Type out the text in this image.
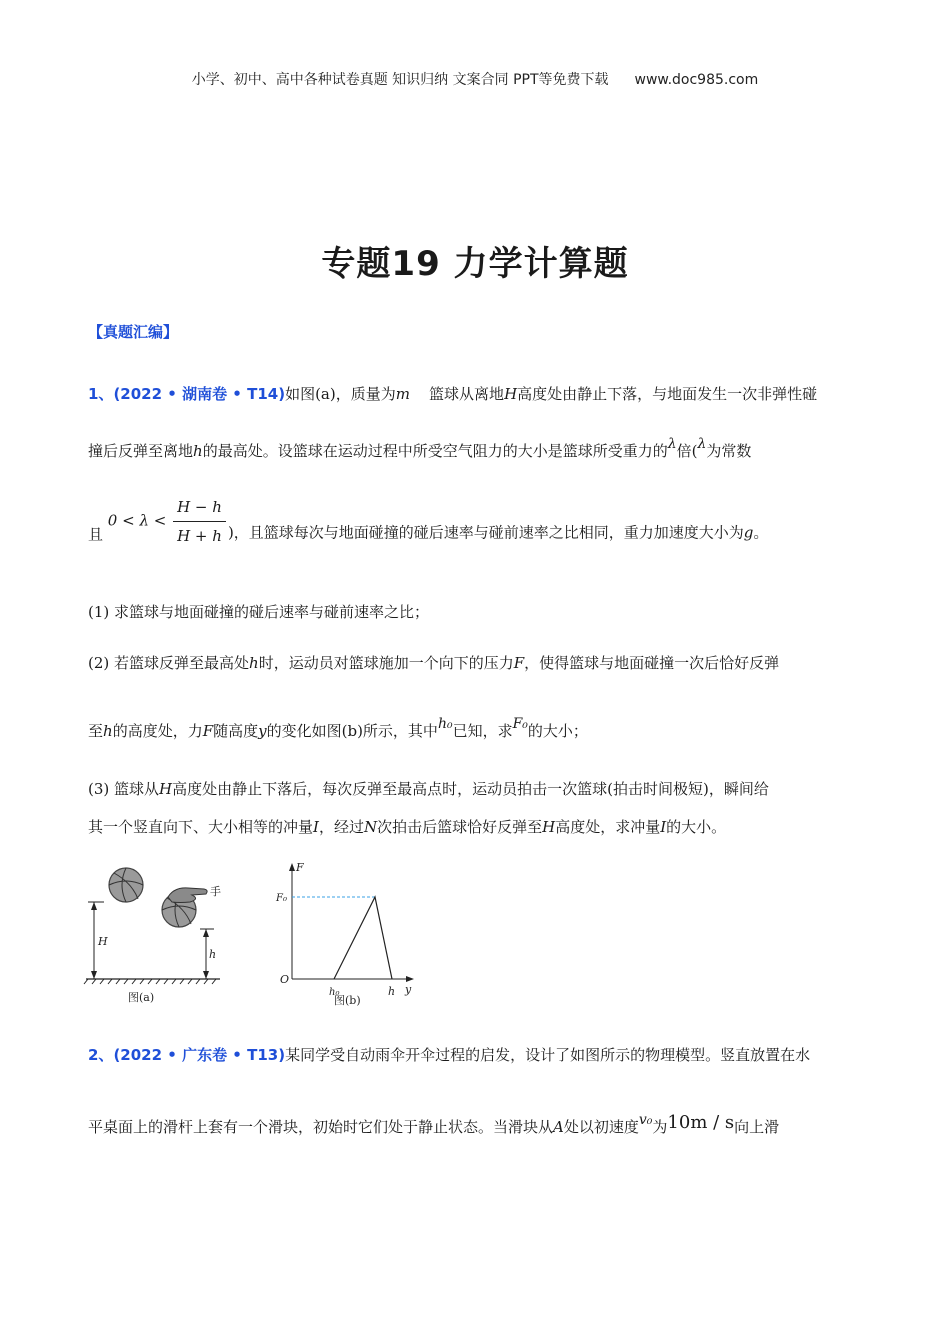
小学、初中、高中各种试卷真题 知识归纳 文案合同 PPT等免费下载 www.doc985.com
专题19 力学计算题
【真题汇编】
1、(2022 • 湖南卷 • T14)如图(a)，质量为m 篮球从离地H高度处由静止下落，与地面发生一次非弹性碰
撞后反弹至离地h的最高处。设篮球在运动过程中所受空气阻力的大小是篮球所受重力的λ倍(λ为常数
且 $0 < \lambda < \frac{H - h}{H + h}$ )，且篮球每次与地面碰撞的碰后速率与碰前速率之比相同，重力加速度大小为g。
(1) 求篮球与地面碰撞的碰后速率与碰前速率之比；
(2) 若篮球反弹至最高处h时，运动员对篮球施加一个向下的压力F，使得篮球与地面碰撞一次后恰好反弹
至h的高度处，力F随高度y的变化如图(b)所示，其中h₀已知，求F₀的大小；
(3) 篮球从H高度处由静止下落后，每次反弹至最高点时，运动员拍击一次篮球(拍击时间极短)，瞬间给
其一个竖直向下、大小相等的冲量I，经过N次拍击后篮球恰好反弹至H高度处，求冲量I的大小。
手
H
h
图(a)
F
F₀
O
h₀	h y
图(b)
2、(2022 • 广东卷 • T13)某同学受自动雨伞开伞过程的启发，设计了如图所示的物理模型。竖直放置在水
平桌面上的滑杆上套有一个滑块，初始时它们处于静止状态。当滑块从A处以初速度v₀为10m / s向上滑
